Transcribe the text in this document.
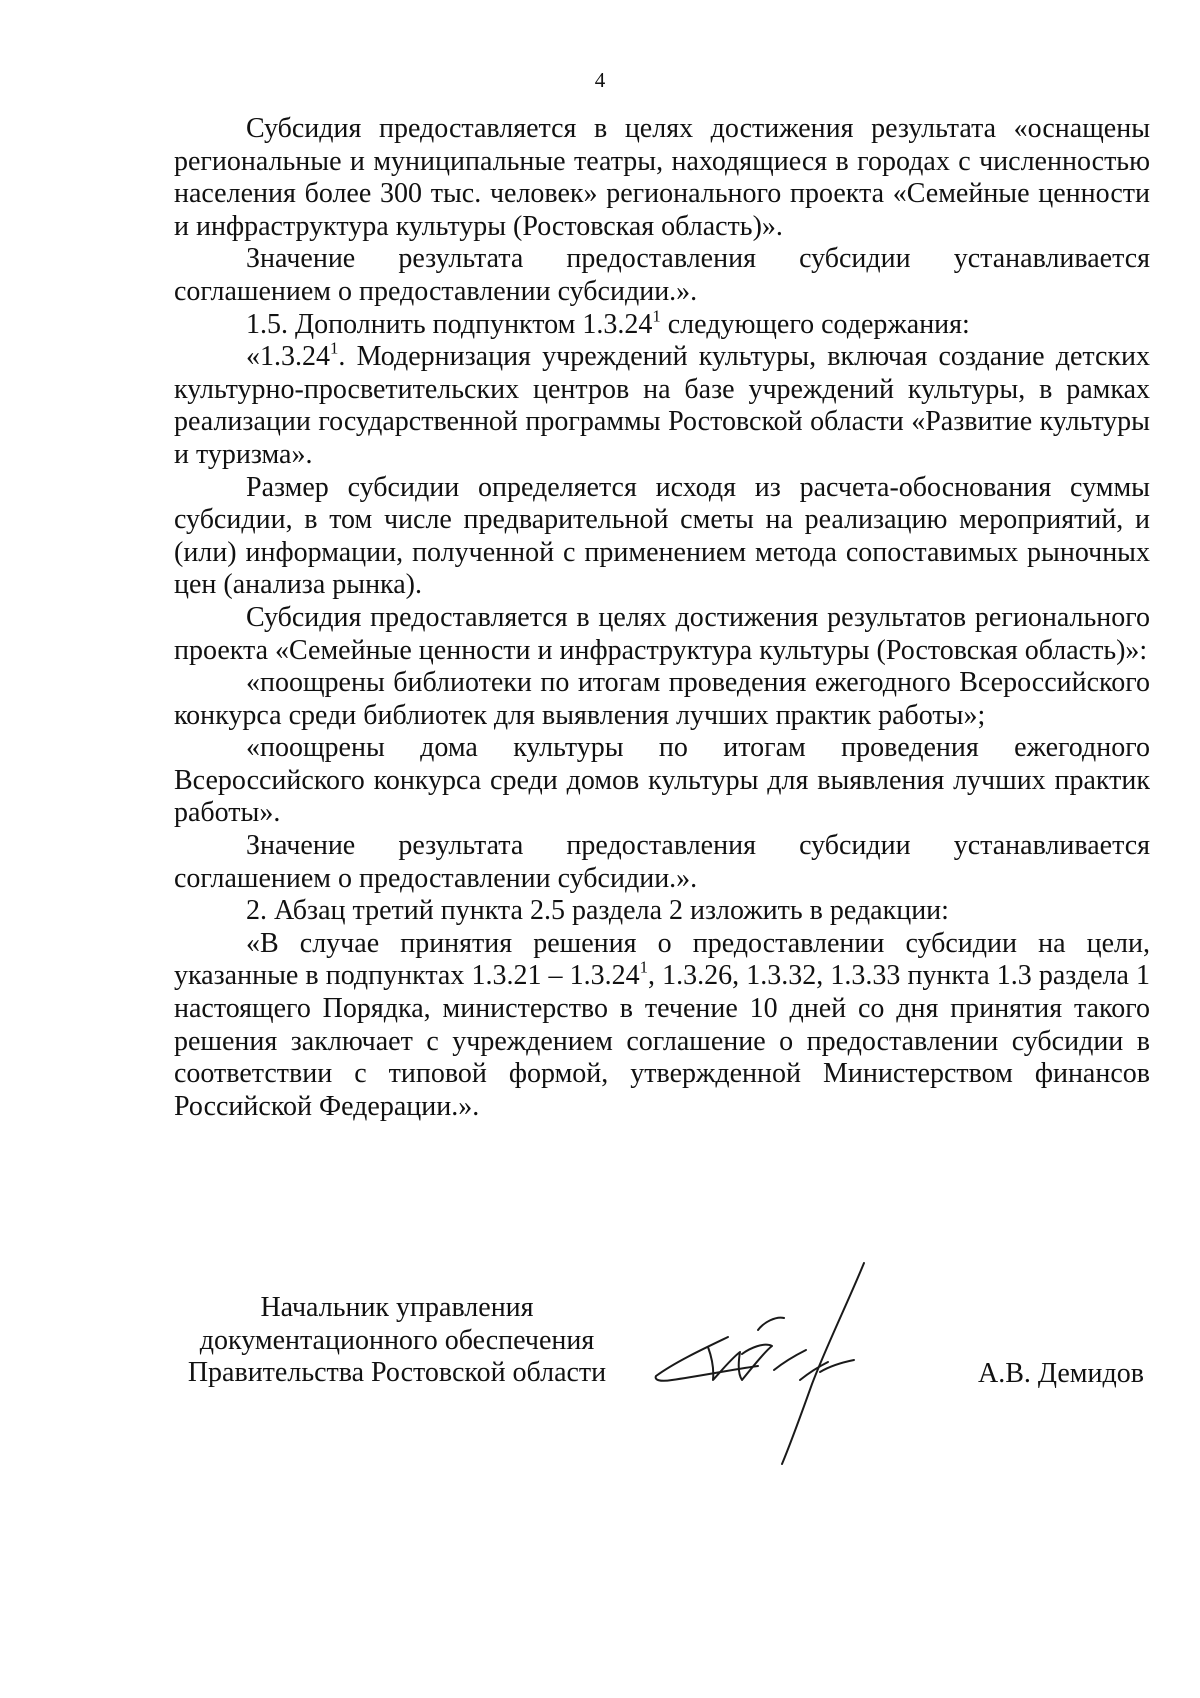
4

Субсидия предоставляется в целях достижения результата «оснащены региональные и муниципальные театры, находящиеся в городах с численностью населения более 300 тыс. человек» регионального проекта «Семейные ценности и инфраструктура культуры (Ростовская область)».

Значение результата предоставления субсидии устанавливается соглашением о предоставлении субсидии.».

1.5. Дополнить подпунктом 1.3.24$^1$ следующего содержания:

«1.3.24$^1$. Модернизация учреждений культуры, включая создание детских культурно-просветительских центров на базе учреждений культуры, в рамках реализации государственной программы Ростовской области «Развитие культуры и туризма».

Размер субсидии определяется исходя из расчета-обоснования суммы субсидии, в том числе предварительной сметы на реализацию мероприятий, и (или) информации, полученной с применением метода сопоставимых рыночных цен (анализа рынка).

Субсидия предоставляется в целях достижения результатов регионального проекта «Семейные ценности и инфраструктура культуры (Ростовская область)»:

«поощрены библиотеки по итогам проведения ежегодного Всероссийского конкурса среди библиотек для выявления лучших практик работы»;

«поощрены дома культуры по итогам проведения ежегодного Всероссийского конкурса среди домов культуры для выявления лучших практик работы».

Значение результата предоставления субсидии устанавливается соглашением о предоставлении субсидии.».

2. Абзац третий пункта 2.5 раздела 2 изложить в редакции:

«В случае принятия решения о предоставлении субсидии на цели, указанные в подпунктах 1.3.21 – 1.3.24$^1$, 1.3.26, 1.3.32, 1.3.33 пункта 1.3 раздела 1 настоящего Порядка, министерство в течение 10 дней со дня принятия такого решения заключает с учреждением соглашение о предоставлении субсидии в соответствии с типовой формой, утвержденной Министерством финансов Российской Федерации.».

Начальник управления
документационного обеспечения
Правительства Ростовской области	А.В. Демидов
